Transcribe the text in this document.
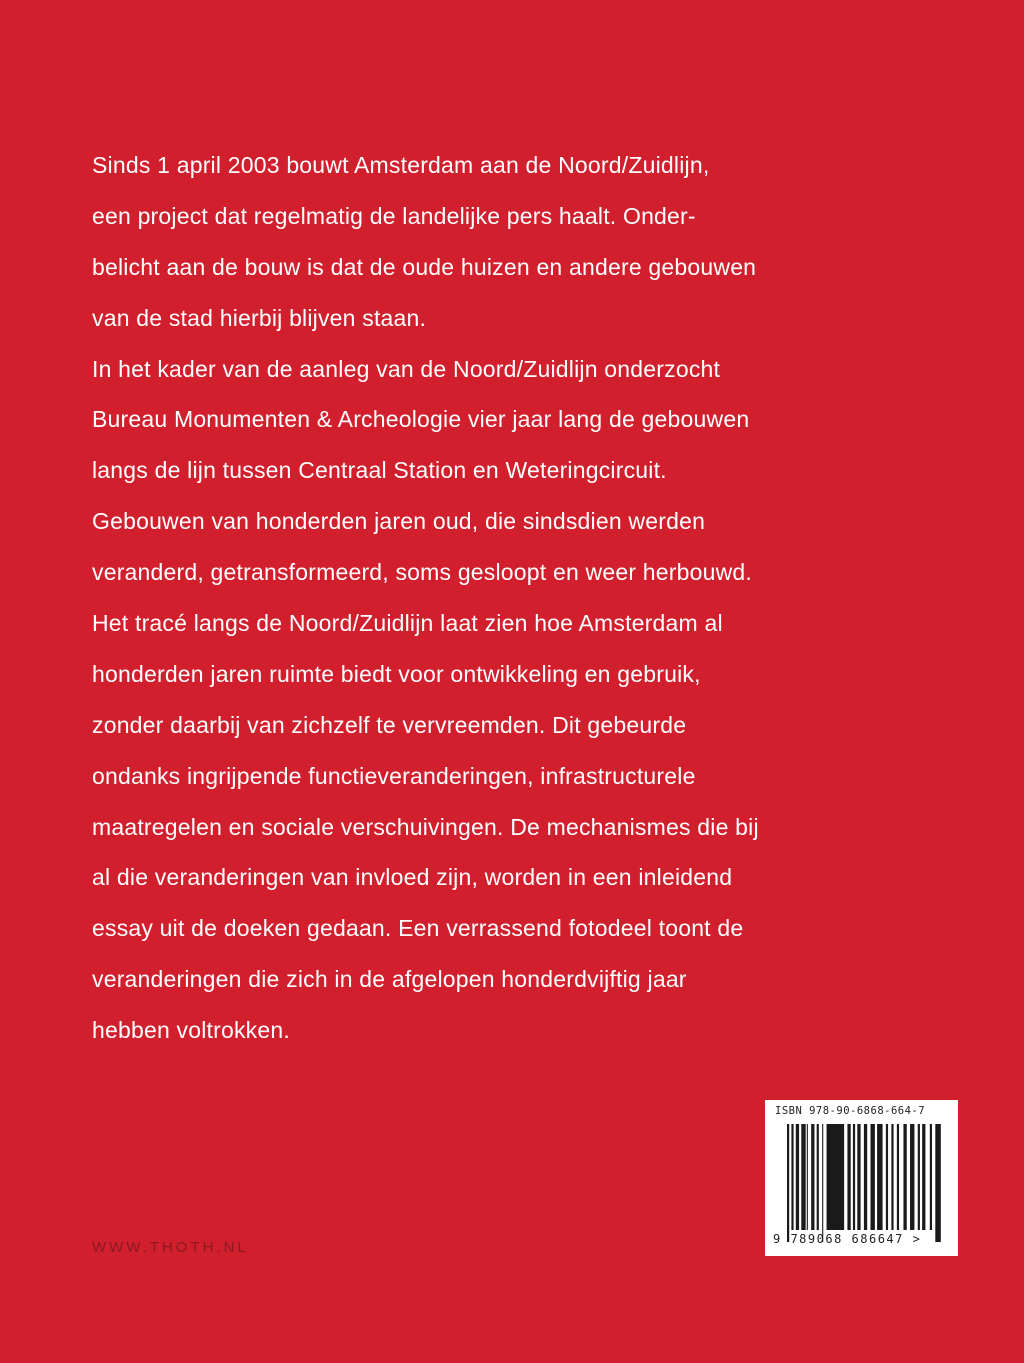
Sinds 1 april 2003 bouwt Amsterdam aan de Noord/Zuidlijn,
een project dat regelmatig de landelijke pers haalt. Onder-
belicht aan de bouw is dat de oude huizen en andere gebouwen
van de stad hierbij blijven staan.
In het kader van de aanleg van de Noord/Zuidlijn onderzocht
Bureau Monumenten & Archeologie vier jaar lang de gebouwen
langs de lijn tussen Centraal Station en Weteringcircuit.
Gebouwen van honderden jaren oud, die sindsdien werden
veranderd, getransformeerd, soms gesloopt en weer herbouwd.
Het tracé langs de Noord/Zuidlijn laat zien hoe Amsterdam al
honderden jaren ruimte biedt voor ontwikkeling en gebruik,
zonder daarbij van zichzelf te vervreemden. Dit gebeurde
ondanks ingrijpende functieveranderingen, infrastructurele
maatregelen en sociale verschuivingen. De mechanismes die bij
al die veranderingen van invloed zijn, worden in een inleidend
essay uit de doeken gedaan. Een verrassend fotodeel toont de
veranderingen die zich in de afgelopen honderdvijftig jaar
hebben voltrokken.
WWW.THOTH.NL
ISBN 978-90-6868-664-7
9 789068 686647 >
